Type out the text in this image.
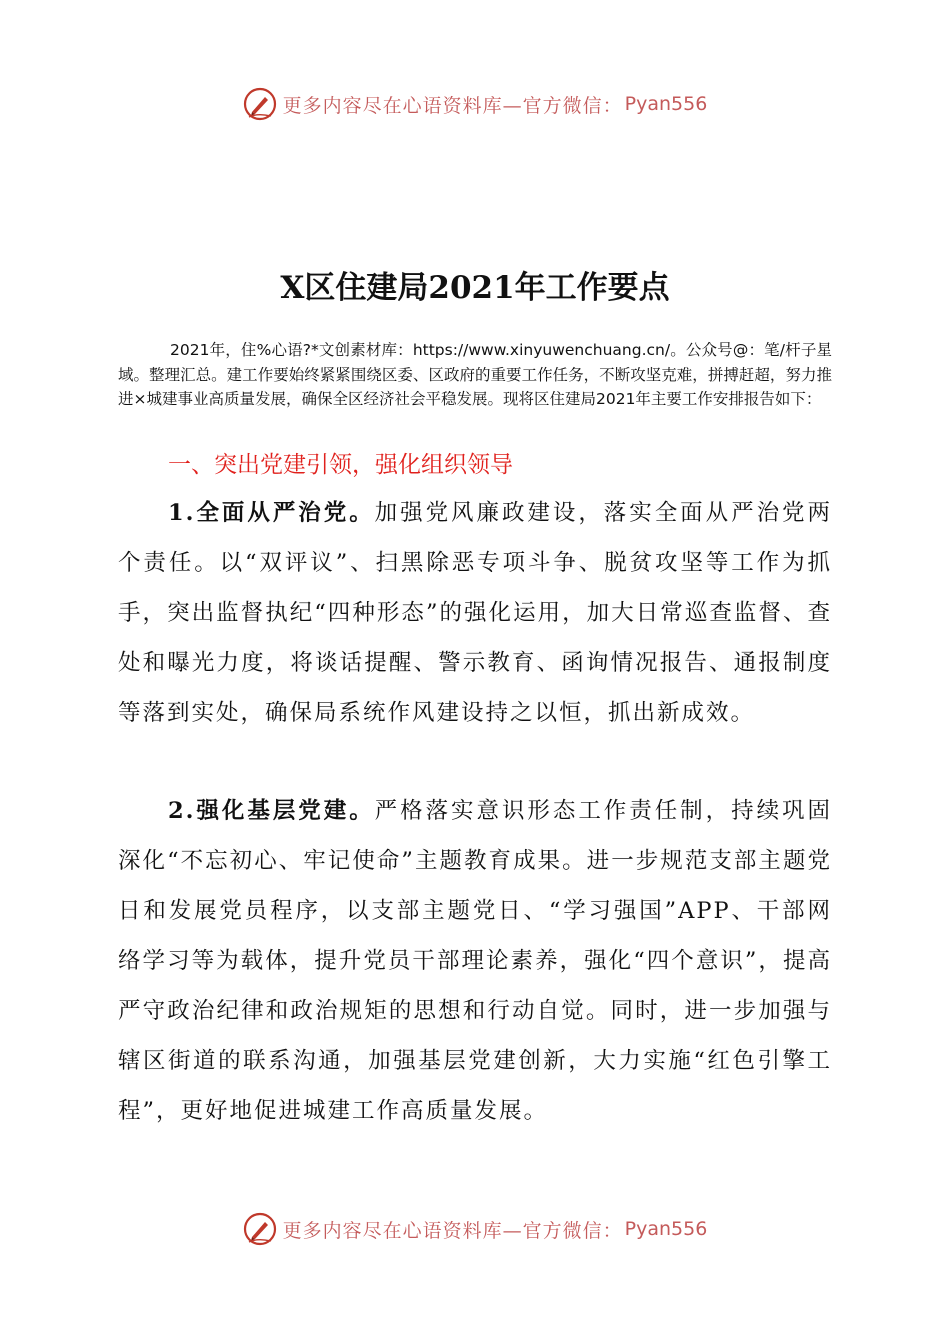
更多内容尽在心语资料库—官方微信： Pyan556
X区住建局2021年工作要点
2021年，住%心语?*文创素材库：https://www.xinyuwenchuang.cn/。公众号@：笔/杆子星域。整理汇总。建工作要始终紧紧围绕区委、区政府的重要工作任务，不断攻坚克难，拼搏赶超，努力推进×城建事业高质量发展，确保全区经济社会平稳发展。现将区住建局2021年主要工作安排报告如下：
一、突出党建引领，强化组织领导
1.全面从严治党。加强党风廉政建设，落实全面从严治党两个责任。以“双评议”、扫黑除恶专项斗争、脱贫攻坚等工作为抓手，突出监督执纪“四种形态”的强化运用，加大日常巡查监督、查处和曝光力度，将谈话提醒、警示教育、函询情况报告、通报制度等落到实处，确保局系统作风建设持之以恒，抓出新成效。
2.强化基层党建。严格落实意识形态工作责任制，持续巩固深化“不忘初心、牢记使命”主题教育成果。进一步规范支部主题党日和发展党员程序，以支部主题党日、“学习强国”APP、干部网络学习等为载体，提升党员干部理论素养，强化“四个意识”，提高严守政治纪律和政治规矩的思想和行动自觉。同时，进一步加强与辖区街道的联系沟通，加强基层党建创新，大力实施“红色引擎工程”，更好地促进城建工作高质量发展。
更多内容尽在心语资料库—官方微信： Pyan556
